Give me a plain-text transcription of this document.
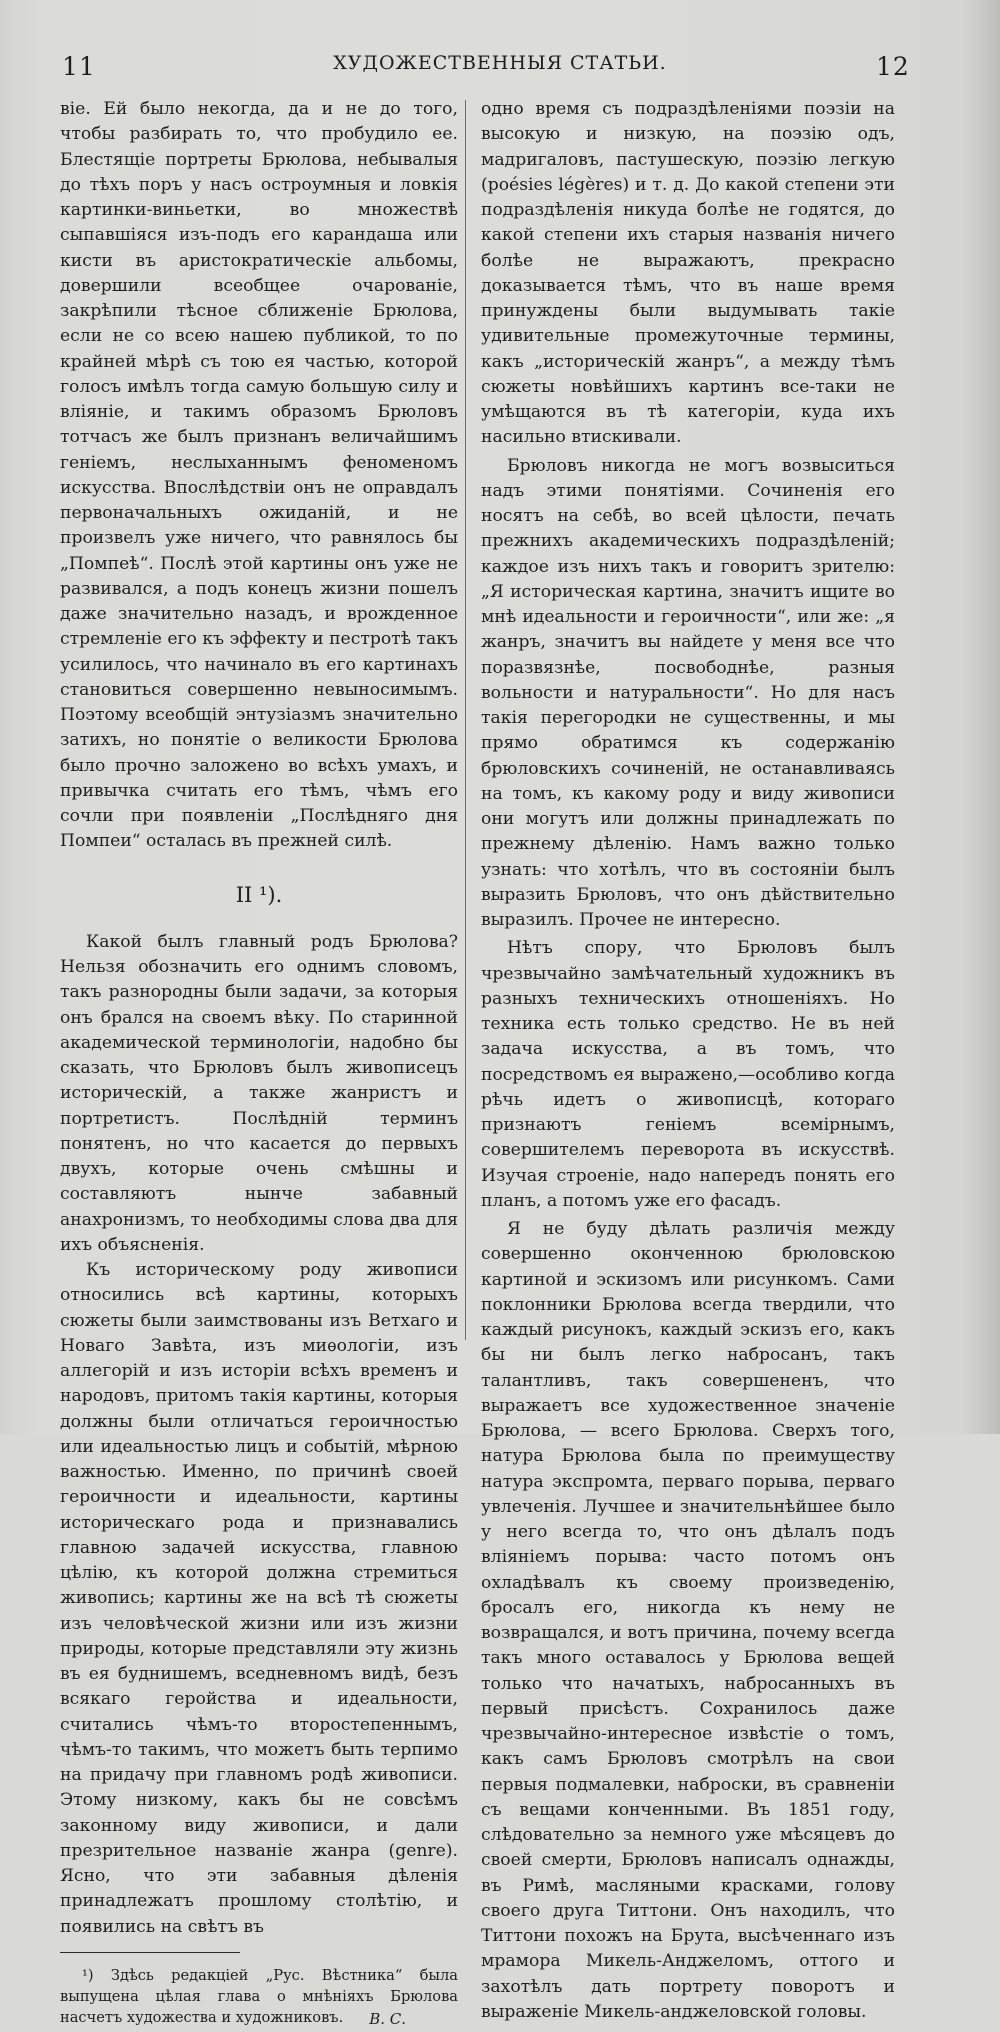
11	ХУДОЖЕСТВЕННЫЯ СТАТЬИ.	12

віе. Ей было некогда, да и не до того, чтобы разбирать то, что пробудило ее. Блестящіе портреты Брюлова, небывалыя до тѣхъ поръ у насъ остроумныя и ловкія картинки-виньетки, во множествѣ сыпавшіяся изъ-подъ его карандаша или кисти въ аристократическіе альбомы, довершили всеобщее очарованіе, закрѣпили тѣсное сближеніе Брюлова, если не со всею нашею публикой, то по крайней мѣрѣ съ тою ея частью, которой голосъ имѣлъ тогда самую большую силу и вліяніе, и такимъ образомъ Брюловъ тотчасъ же былъ признанъ величайшимъ геніемъ, неслыханнымъ феноменомъ искусства. Впослѣдствіи онъ не оправдалъ первоначальныхъ ожиданій, и не произвелъ уже ничего, что равнялось бы „Помпеѣ“. Послѣ этой картины онъ уже не развивался, а подъ конецъ жизни пошелъ даже значительно назадъ, и врожденное стремленіе его къ эффекту и пестротѣ такъ усилилось, что начинало въ его картинахъ становиться совершенно невыносимымъ. Поэтому всеобщій энтузіазмъ значительно затихъ, но понятіе о великости Брюлова было прочно заложено во всѣхъ умахъ, и привычка считать его тѣмъ, чѣмъ его сочли при появленіи „Послѣдняго дня Помпеи“ осталась въ прежней силѣ.

II ¹).

Какой былъ главный родъ Брюлова? Нельзя обозначить его однимъ словомъ, такъ разнородны были задачи, за которыя онъ брался на своемъ вѣку. По старинной академической терминологіи, надобно бы сказать, что Брюловъ былъ живописецъ историческій, а также жанристъ и портретистъ. Послѣдній терминъ понятенъ, но что касается до первыхъ двухъ, которые очень смѣшны и составляютъ нынче забавный анахронизмъ, то необходимы слова два для ихъ объясненія.

Къ историческому роду живописи относились всѣ картины, которыхъ сюжеты были заимствованы изъ Ветхаго и Новаго Завѣта, изъ миѳологіи, изъ аллегорій и изъ исторіи всѣхъ временъ и народовъ, притомъ такія картины, которыя должны были отличаться героичностью или идеальностью лицъ и событій, мѣрною важностью. Именно, по причинѣ своей героичности и идеальности, картины историческаго рода и признавались главною задачей искусства, главною цѣлію, къ которой должна стремиться живопись; картины же на всѣ тѣ сюжеты изъ человѣческой жизни или изъ жизни природы, которые представляли эту жизнь въ ея буднишемъ, вседневномъ видѣ, безъ всякаго геройства и идеальности, считались чѣмъ-то второстепеннымъ, чѣмъ-то такимъ, что можетъ быть терпимо на придачу при главномъ родѣ живописи. Этому низкому, какъ бы не совсѣмъ законному виду живописи, и дали презрительное названіе жанра (genre). Ясно, что эти забавныя дѣленія принадлежатъ прошлому столѣтію, и появились на свѣтъ въ

¹) Здѣсь редакціей „Рус. Вѣстника“ была выпущена цѣлая глава о мнѣніяхъ Брюлова насчетъ художества и художниковъ.	В. С.

одно время съ подраздѣленіями поэзіи на высокую и низкую, на поэзію одъ, мадригаловъ, пастушескую, поэзію легкую (poésies légères) и т. д. До какой степени эти подраздѣленія никуда болѣе не годятся, до какой степени ихъ старыя названія ничего болѣе не выражаютъ, прекрасно доказывается тѣмъ, что въ наше время принуждены были выдумывать такіе удивительные промежуточные термины, какъ „историческій жанръ“, а между тѣмъ сюжеты новѣйшихъ картинъ все-таки не умѣщаются въ тѣ категоріи, куда ихъ насильно втискивали.

Брюловъ никогда не могъ возвыситься надъ этими понятіями. Сочиненія его носятъ на себѣ, во всей цѣлости, печать прежнихъ академическихъ подраздѣленій; каждое изъ нихъ такъ и говоритъ зрителю: „Я историческая картина, значитъ ищите во мнѣ идеальности и героичности“, или же: „я жанръ, значитъ вы найдете у меня все что поразвязнѣе, посвободнѣе, разныя вольности и натуральности“. Но для насъ такія перегородки не существенны, и мы прямо обратимся къ содержанію брюловскихъ сочиненій, не останавливаясь на томъ, къ какому роду и виду живописи они могутъ или должны принадлежать по прежнему дѣленію. Намъ важно только узнать: что хотѣлъ, что въ состояніи былъ выразить Брюловъ, что онъ дѣйствительно выразилъ. Прочее не интересно.

Нѣтъ спору, что Брюловъ былъ чрезвычайно замѣчательный художникъ въ разныхъ техническихъ отношеніяхъ. Но техника есть только средство. Не въ ней задача искусства, а въ томъ, что посредствомъ ея выражено,—особливо когда рѣчь идетъ о живописцѣ, котораго признаютъ геніемъ всемірнымъ, совершителемъ переворота въ искусствѣ. Изучая строеніе, надо напередъ понять его планъ, а потомъ уже его фасадъ.

Я не буду дѣлать различія между совершенно оконченною брюловскою картиной и эскизомъ или рисункомъ. Сами поклонники Брюлова всегда твердили, что каждый рисунокъ, каждый эскизъ его, какъ бы ни былъ легко набросанъ, такъ талантливъ, такъ совершененъ, что выражаетъ все художественное значеніе Брюлова, — всего Брюлова. Сверхъ того, натура Брюлова была по преимуществу натура экспромта, перваго порыва, перваго увлеченія. Лучшее и значительнѣйшее было у него всегда то, что онъ дѣлалъ подъ вліяніемъ порыва: часто потомъ онъ охладѣвалъ къ своему произведенію, бросалъ его, никогда къ нему не возвращался, и вотъ причина, почему всегда такъ много оставалось у Брюлова вещей только что начатыхъ, набросанныхъ въ первый присѣстъ. Сохранилось даже чрезвычайно-интересное извѣстіе о томъ, какъ самъ Брюловъ смотрѣлъ на свои первыя подмалевки, наброски, въ сравненіи съ вещами конченными. Въ 1851 году, слѣдовательно за немного уже мѣсяцевъ до своей смерти, Брюловъ написалъ однажды, въ Римѣ, масляными красками, голову своего друга Титтони. Онъ находилъ, что Титтони похожъ на Брута, высѣченнаго изъ мрамора Микель-Анджеломъ, оттого и захотѣлъ дать портрету поворотъ и выраженіе Микель-анджеловской головы.
